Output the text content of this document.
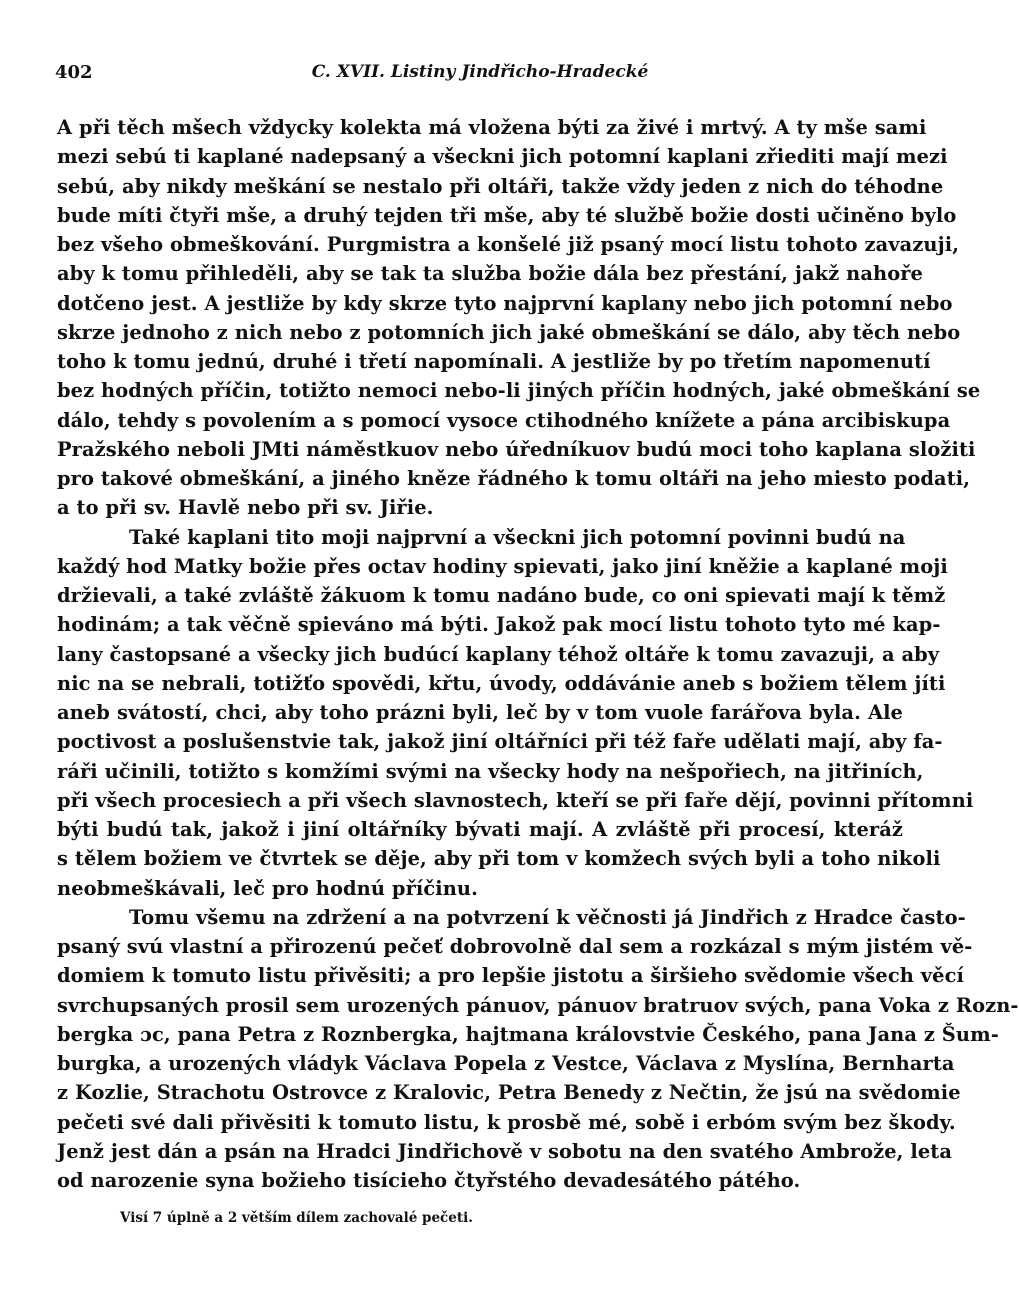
402	C. XVII. Listiny Jindřicho-Hradecké
A při těch mšech vždycky kolekta má vložena býti za živé i mrtvý. A ty mše sami
mezi sebú ti kaplané nadepsaný a všeckni jich potomní kaplani zřiediti mají mezi
sebú, aby nikdy meškání se nestalo při oltáři, takže vždy jeden z nich do téhodne
bude míti čtyři mše, a druhý tejden tři mše, aby té službě božie dosti učiněno bylo
bez všeho obmeškování. Purgmistra a konšelé již psaný mocí listu tohoto zavazuji,
aby k tomu přihleděli, aby se tak ta služba božie dála bez přestání, jakž nahoře
dotčeno jest. A jestliže by kdy skrze tyto najprvní kaplany nebo jich potomní nebo
skrze jednoho z nich nebo z potomních jich jaké obmeškání se dálo, aby těch nebo
toho k tomu jednú, druhé i třetí napomínali. A jestliže by po třetím napomenutí
bez hodných příčin, totižto nemoci nebo-li jiných příčin hodných, jaké obmeškání se
dálo, tehdy s povolením a s pomocí vysoce ctihodného knížete a pána arcibiskupa
Pražského neboli JMti náměstkuov nebo úředníkuov budú moci toho kaplana složiti
pro takové obmeškání, a jiného kněze řádného k tomu oltáři na jeho miesto podati,
a to při sv. Havlě nebo při sv. Jiřie.
Také kaplani tito moji najprvní a všeckni jich potomní povinni budú na
každý hod Matky božie přes octav hodiny spievati, jako jiní kněžie a kaplané moji
držievali, a také zvláště žákuom k tomu nadáno bude, co oni spievati mají k těmž
hodinám; a tak věčně spieváno má býti. Jakož pak mocí listu tohoto tyto mé kap-
lany častopsané a všecky jich budúcí kaplany téhož oltáře k tomu zavazuji, a aby
nic na se nebrali, totižťo spovědi, křtu, úvody, oddávánie aneb s božiem tělem jíti
aneb svátostí, chci, aby toho prázni byli, leč by v tom vuole farářova byla. Ale
poctivost a poslušenstvie tak, jakož jiní oltářníci při též faře udělati mají, aby fa-
ráři učinili, totižto s komžími svými na všecky hody na nešpořiech, na jitřiních,
při všech procesiech a při všech slavnostech, kteří se při faře dějí, povinni přítomni
býti budú tak, jakož i jiní oltářníky bývati mají. A zvláště při procesí, kteráž
s tělem božiem ve čtvrtek se děje, aby při tom v komžech svých byli a toho nikoli
neobmeškávali, leč pro hodnú příčinu.
Tomu všemu na zdržení a na potvrzení k věčnosti já Jindřich z Hradce často-
psaný svú vlastní a přirozenú pečeť dobrovolně dal sem a rozkázal s mým jistém vě-
domiem k tomuto listu přivěsiti; a pro lepšie jistotu a širšieho svědomie všech věcí
svrchupsaných prosil sem urozených pánuov, pánuov bratruov svých, pana Voka z Rozn-
bergka ɔc, pana Petra z Roznbergka, hajtmana královstvie Českého, pana Jana z Šum-
burgka, a urozených vládyk Václava Popela z Vestce, Václava z Myslína, Bernharta
z Kozlie, Strachotu Ostrovce z Kralovic, Petra Benedy z Nečtin, že jsú na svědomie
pečeti své dali přivěsiti k tomuto listu, k prosbě mé, sobě i erbóm svým bez škody.
Jenž jest dán a psán na Hradci Jindřichově v sobotu na den svatého Ambrože, leta
od narozenie syna božieho tisícieho čtyřstého devadesátého pátého.
Visí 7 úplně a 2 větším dílem zachovalé pečeti.
